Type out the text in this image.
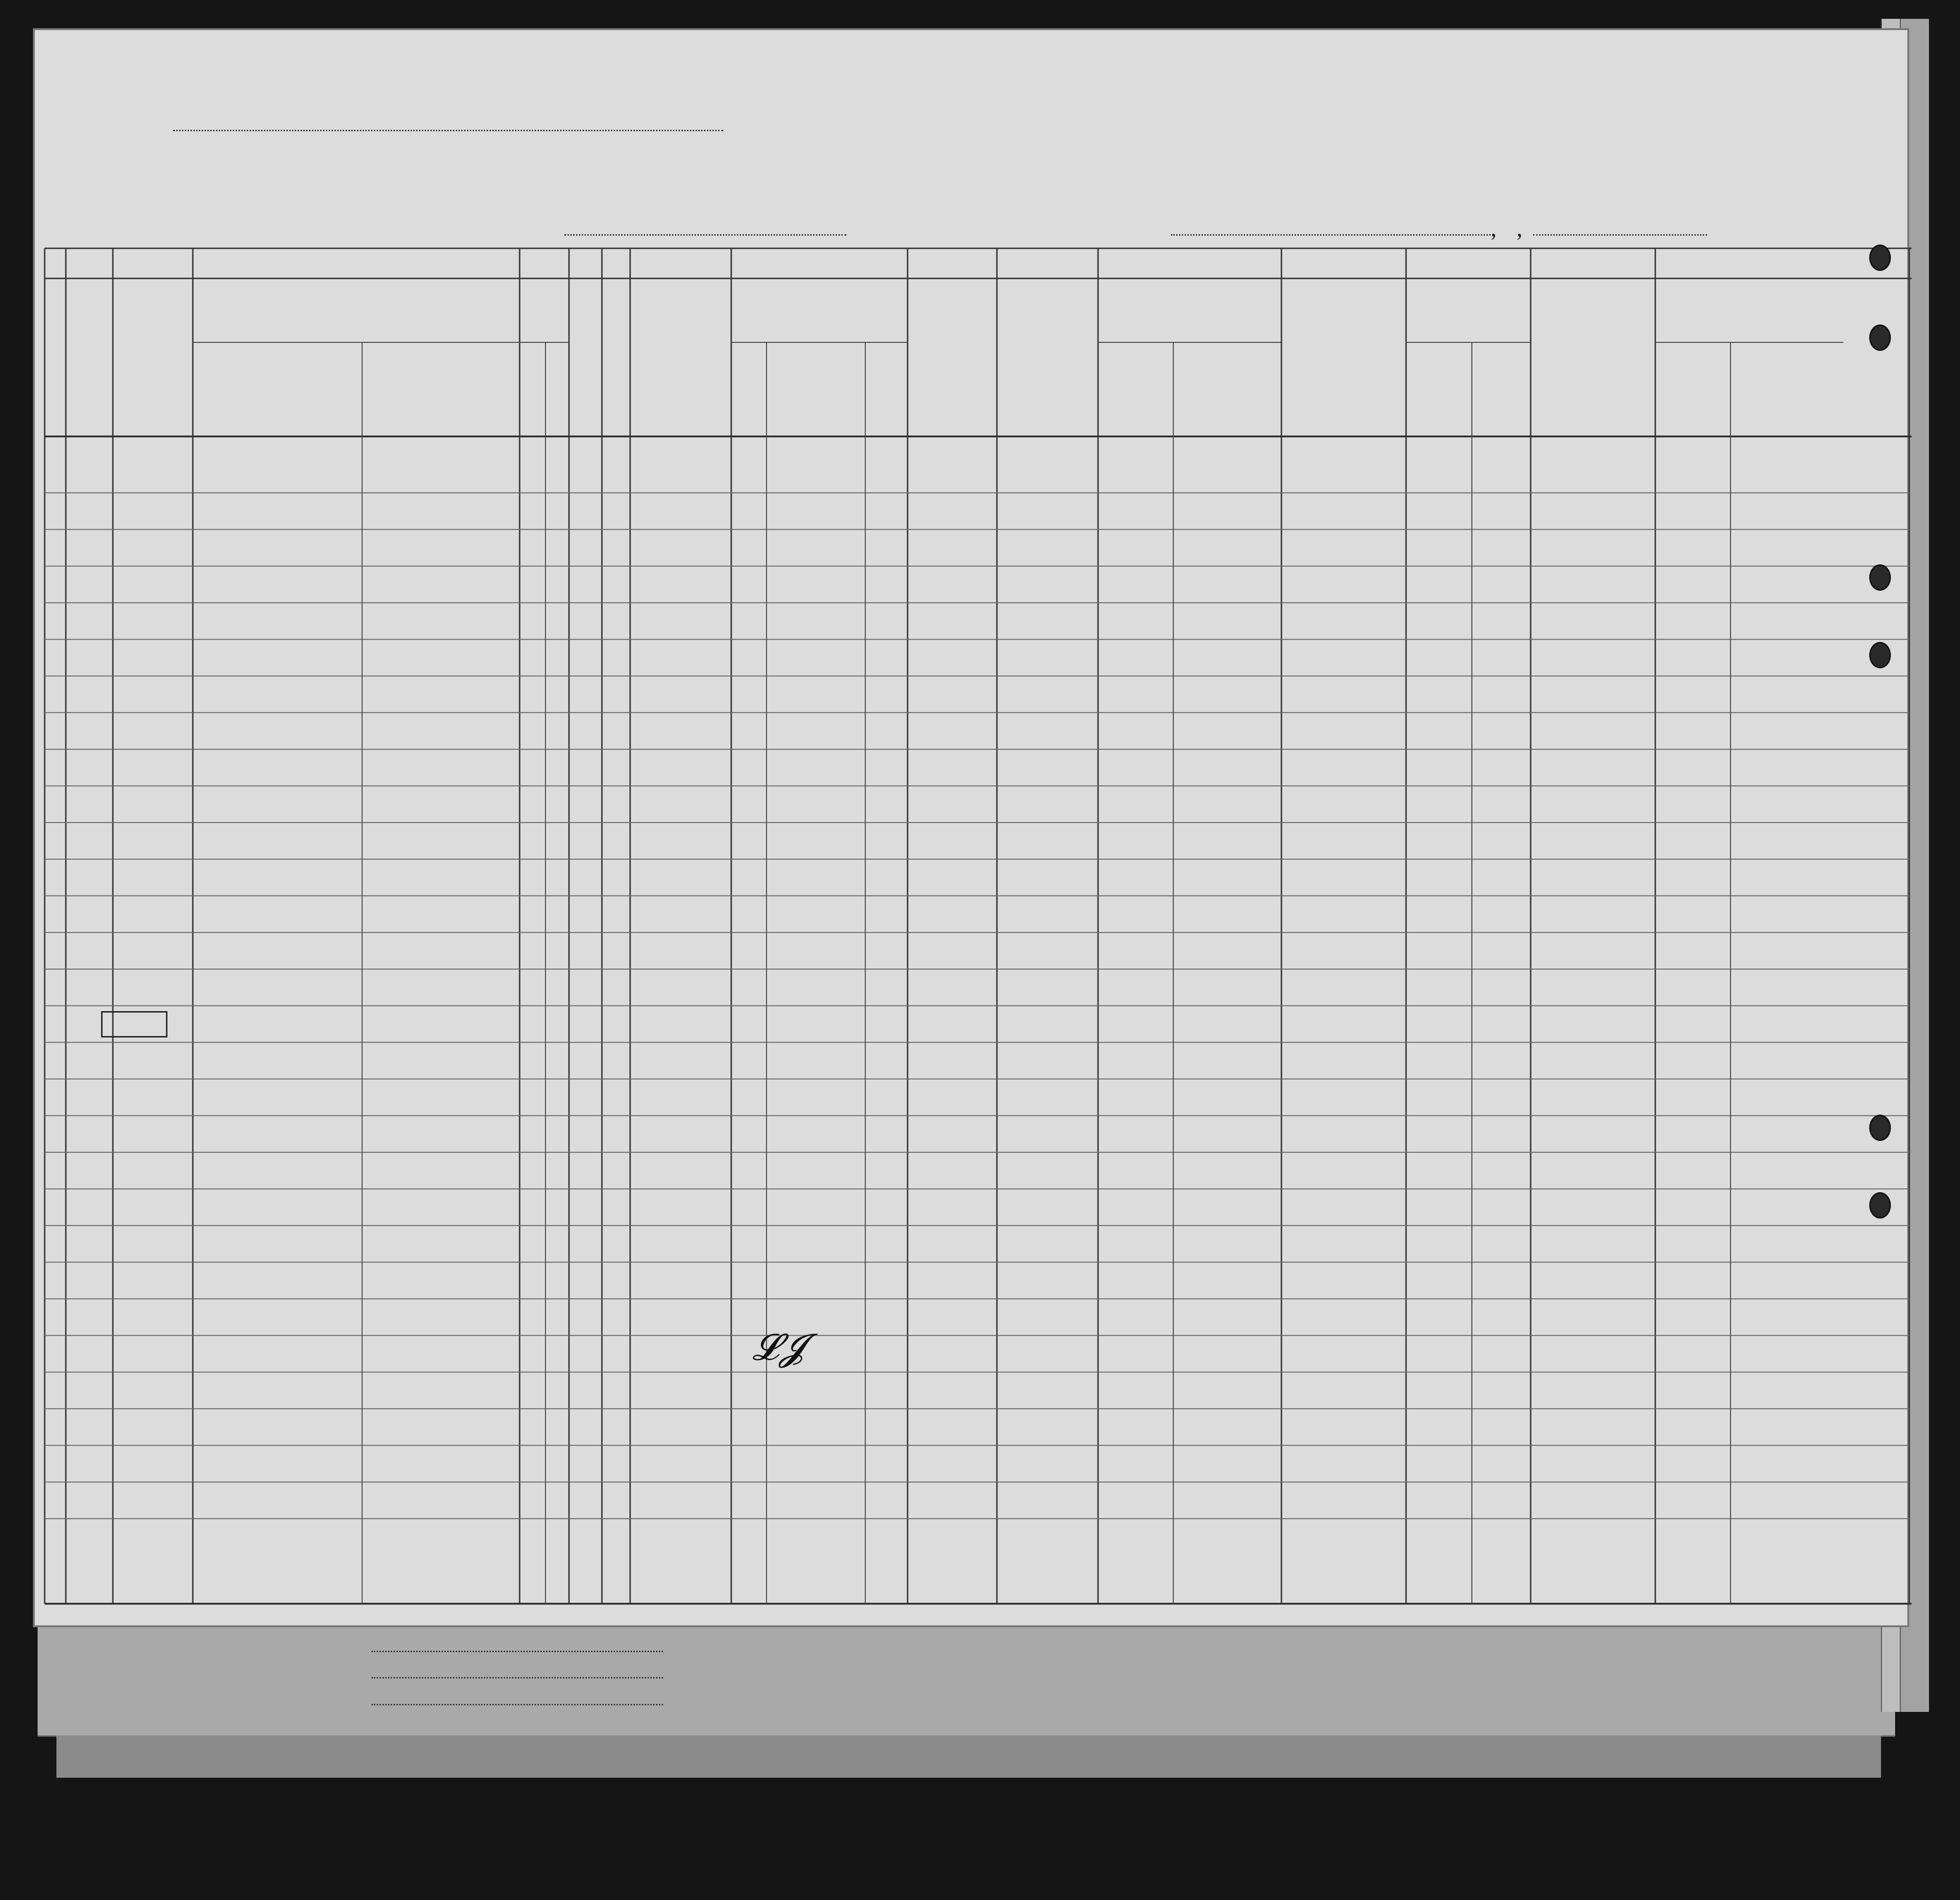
, ,
𝓛𝓙
